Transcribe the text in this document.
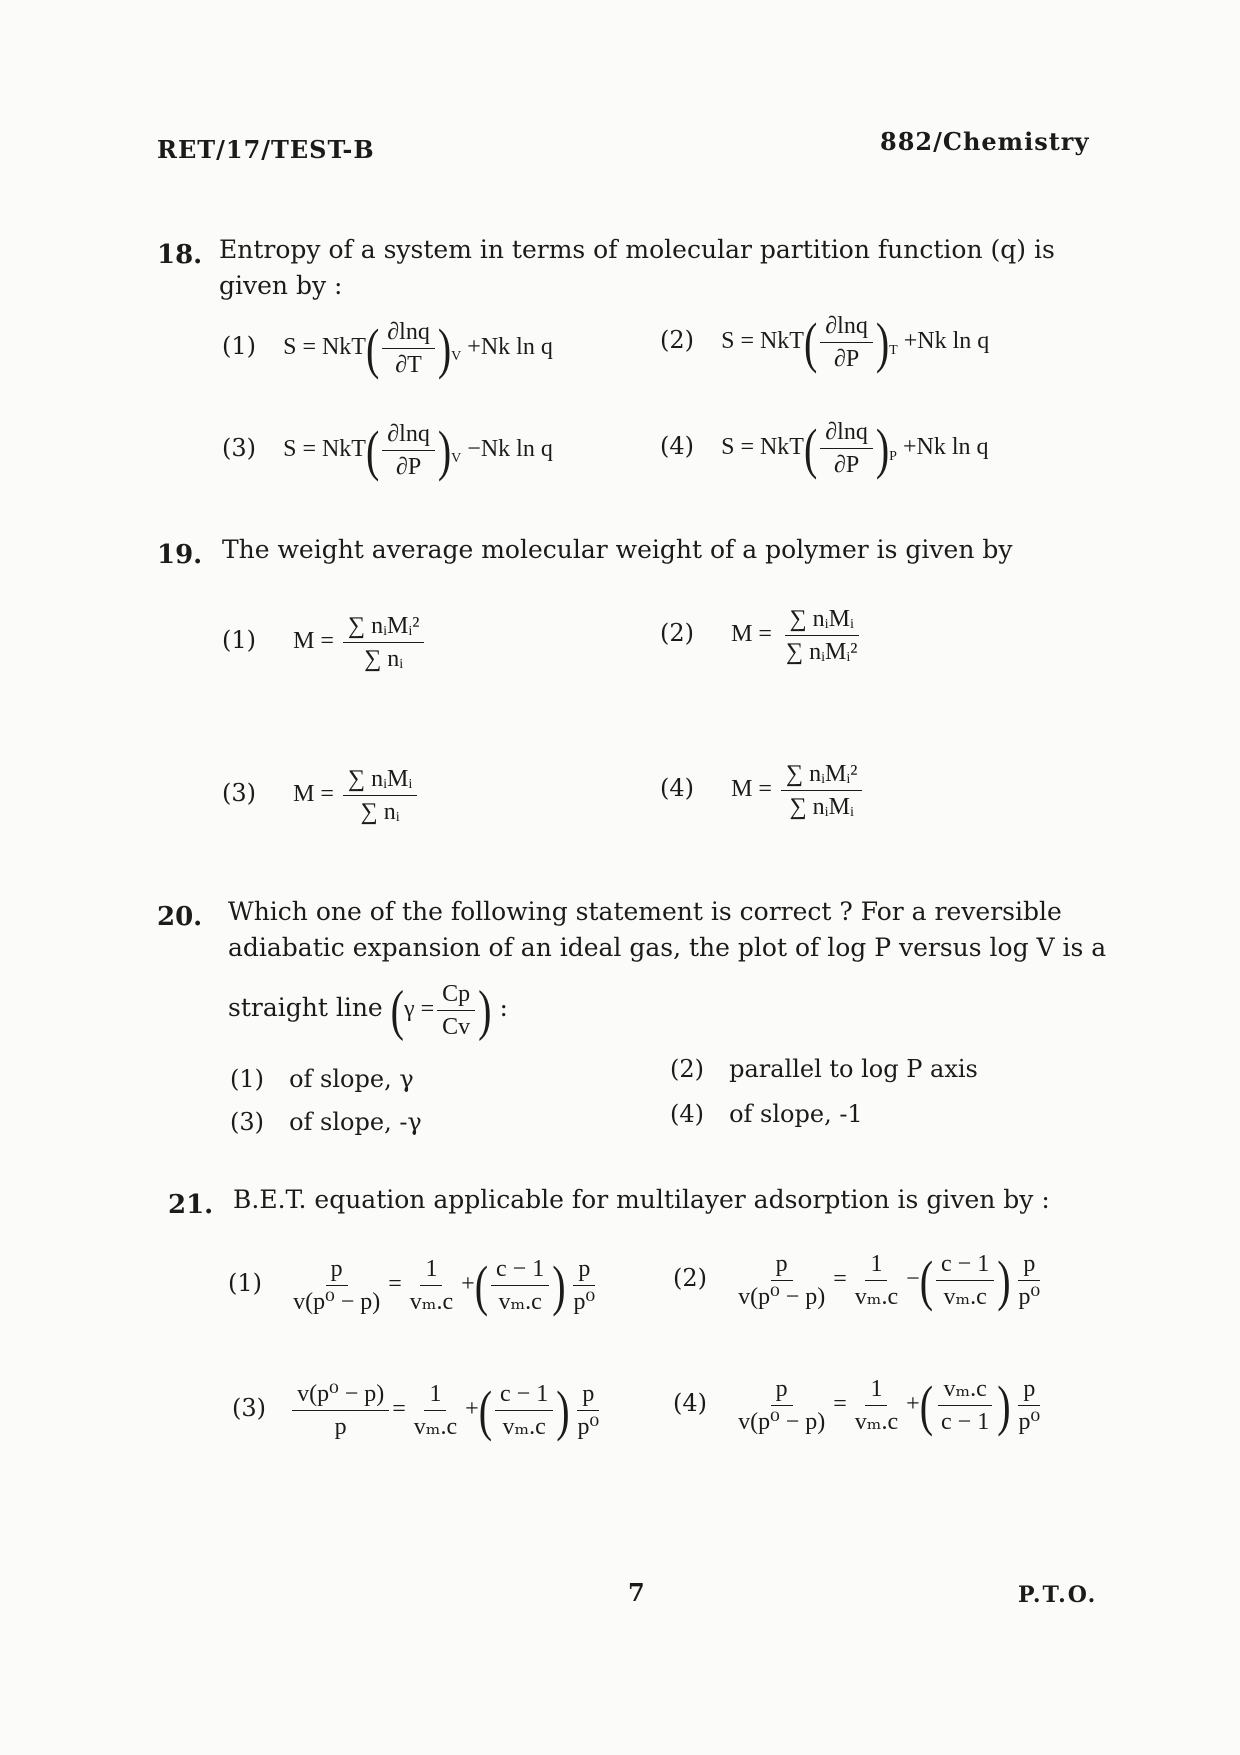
RET/17/TEST-B	882/Chemistry
18. Entropy of a system in terms of molecular partition function (q) is given by :
(1) $S = NkT( \frac{\partial\ln q}{\partial T} )_V +Nk$ ln q	(2) $S = NkT( \frac{\partial\ln q}{\partial P} )_T +Nk$ ln q
(3) $S = NkT( \frac{\partial\ln q}{\partial P} )_V -Nk$ ln q	(4) $S = NkT( \frac{\partial\ln q}{\partial P} )_P +Nk$ ln q
19. The weight average molecular weight of a polymer is given by
(1) $M = \frac{\text{∑ nᵢMᵢ²}}{\text{∑ nᵢ}}$	(2) $M = \frac{\text{∑ nᵢMᵢ}}{\text{∑ nᵢMᵢ²}}$
(3) $M = \frac{\text{∑ nᵢMᵢ}}{\text{∑ nᵢ}}$	(4) $M = \frac{\text{∑ nᵢMᵢ²}}{\text{∑ nᵢMᵢ}}$
20. Which one of the following statement is correct ? For a reversible
adiabatic expansion of an ideal gas, the plot of log P versus log V is a
straight line ($\gamma = \frac{Cp}{Cv}$ ) :
(1) of slope, γ	(2) parallel to log P axis
(3) of slope, -γ	(4) of slope, -1
21. B.E.T. equation applicable for multilayer adsorption is given by :
$(1) \frac{p}{\text{v(p⁰ − p)}} = \frac{1}{\text{vₘ.c}}$ +( $\frac{c - 1}{\text{vₘ.c}}$ ) $\frac{p}{\text{p⁰}}$	$(2) \frac{p}{\text{v(p⁰ − p)}} = \frac{1}{\text{vₘ.c}}$ −( $\frac{c - 1}{\text{vₘ.c}}$ ) $\frac{p}{\text{p⁰}}$
$(3) \frac{\text{v(p⁰ − p)}}{p} = \frac{1}{\text{vₘ.c}}$ +( $\frac{c - 1}{\text{vₘ.c}}$ ) $\frac{p}{\text{p⁰}}$	$(4) \frac{p}{\text{v(p⁰ − p)}} = \frac{1}{\text{vₘ.c}}$ +( $\frac{\text{vₘ.c}}{c - 1}$ ) $\frac{p}{\text{p⁰}}$
7	P.T.O.
